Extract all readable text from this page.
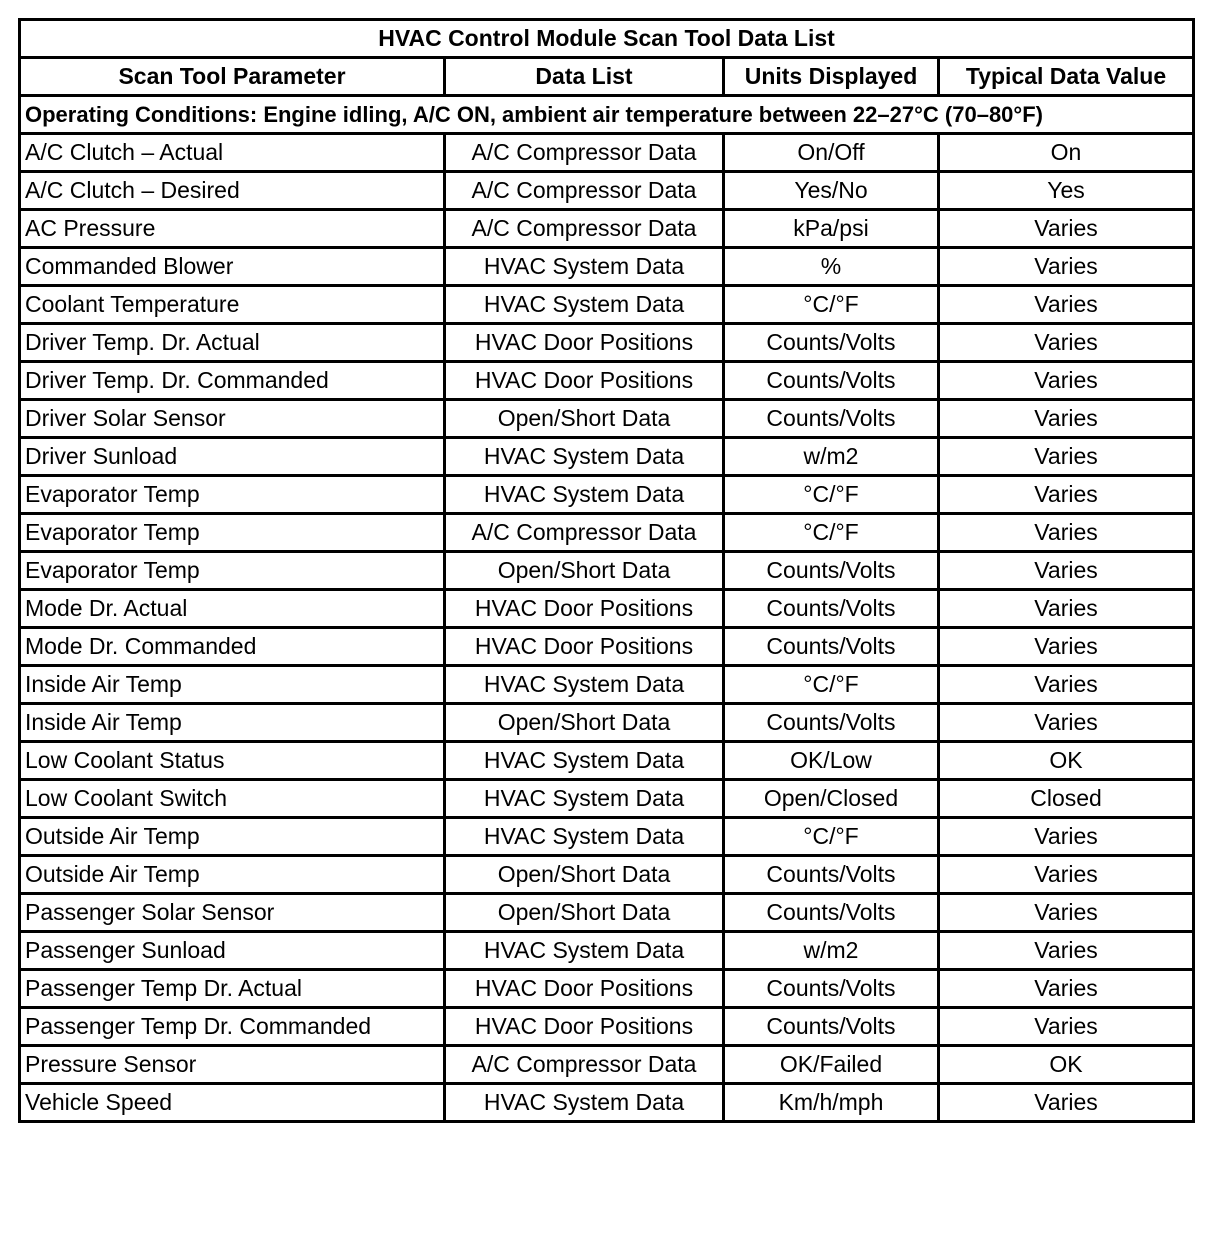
HVAC Control Module Scan Tool Data List			
Scan Tool Parameter	Data List	Units Displayed	Typical Data Value
Operating Conditions: Engine idling, A/C ON, ambient air temperature between 22–27°C (70–80°F)			
A/C Clutch – Actual	A/C Compressor Data	On/Off	On
A/C Clutch – Desired	A/C Compressor Data	Yes/No	Yes
AC Pressure	A/C Compressor Data	kPa/psi	Varies
Commanded Blower	HVAC System Data	%	Varies
Coolant Temperature	HVAC System Data	°C/°F	Varies
Driver Temp. Dr. Actual	HVAC Door Positions	Counts/Volts	Varies
Driver Temp. Dr. Commanded	HVAC Door Positions	Counts/Volts	Varies
Driver Solar Sensor	Open/Short Data	Counts/Volts	Varies
Driver Sunload	HVAC System Data	w/m2	Varies
Evaporator Temp	HVAC System Data	°C/°F	Varies
Evaporator Temp	A/C Compressor Data	°C/°F	Varies
Evaporator Temp	Open/Short Data	Counts/Volts	Varies
Mode Dr. Actual	HVAC Door Positions	Counts/Volts	Varies
Mode Dr. Commanded	HVAC Door Positions	Counts/Volts	Varies
Inside Air Temp	HVAC System Data	°C/°F	Varies
Inside Air Temp	Open/Short Data	Counts/Volts	Varies
Low Coolant Status	HVAC System Data	OK/Low	OK
Low Coolant Switch	HVAC System Data	Open/Closed	Closed
Outside Air Temp	HVAC System Data	°C/°F	Varies
Outside Air Temp	Open/Short Data	Counts/Volts	Varies
Passenger Solar Sensor	Open/Short Data	Counts/Volts	Varies
Passenger Sunload	HVAC System Data	w/m2	Varies
Passenger Temp Dr. Actual	HVAC Door Positions	Counts/Volts	Varies
Passenger Temp Dr. Commanded	HVAC Door Positions	Counts/Volts	Varies
Pressure Sensor	A/C Compressor Data	OK/Failed	OK
Vehicle Speed	HVAC System Data	Km/h/mph	Varies
